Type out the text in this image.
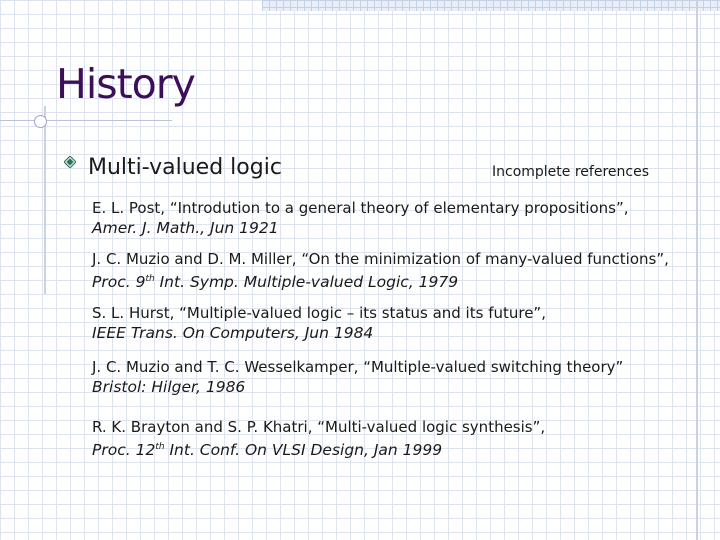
History
Multi-valued logic	Incomplete references
E. L. Post, “Introdution to a general theory of elementary propositions”,
Amer. J. Math., Jun 1921
J. C. Muzio and D. M. Miller, “On the minimization of many-valued functions”,
Proc. 9th Int. Symp. Multiple-valued Logic, 1979
S. L. Hurst, “Multiple-valued logic – its status and its future”,
IEEE Trans. On Computers, Jun 1984
J. C. Muzio and T. C. Wesselkamper, “Multiple-valued switching theory”
Bristol: Hilger, 1986
R. K. Brayton and S. P. Khatri, “Multi-valued logic synthesis”,
Proc. 12th Int. Conf. On VLSI Design, Jan 1999
